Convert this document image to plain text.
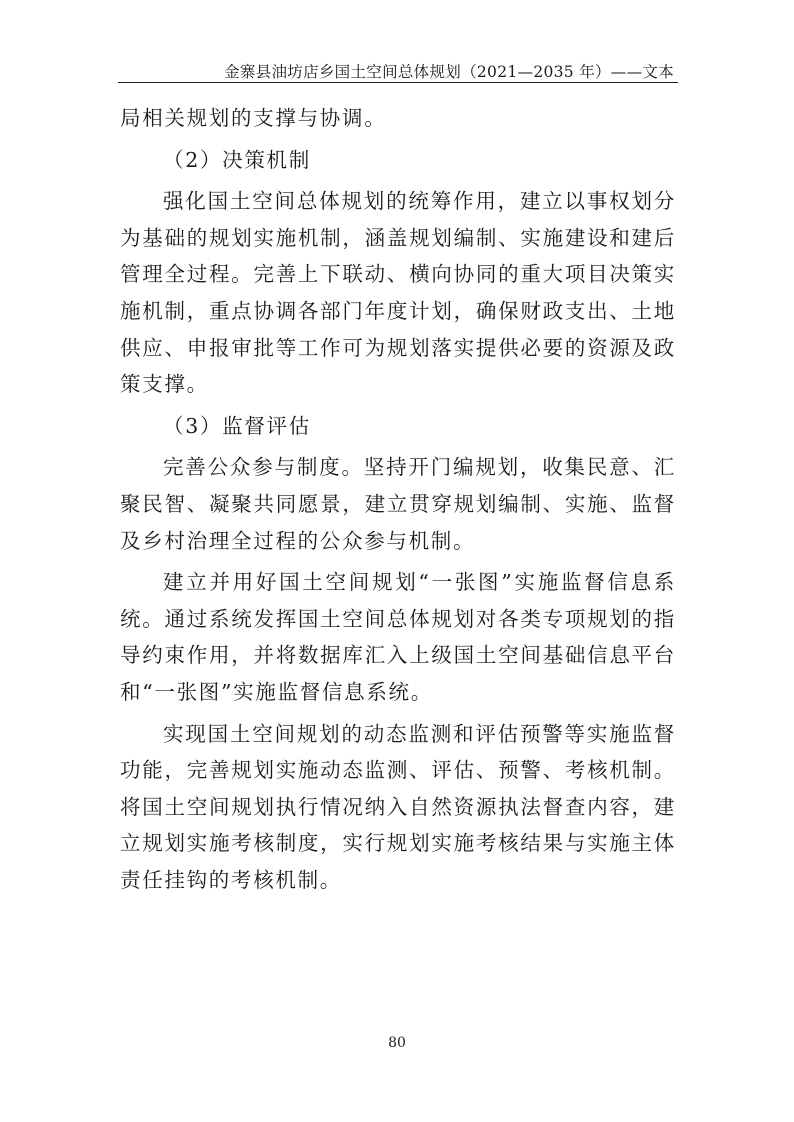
金寨县油坊店乡国土空间总体规划（2021—2035 年）——文本
局相关规划的支撑与协调。
（2）决策机制
强化国土空间总体规划的统筹作用，建立以事权划分
为基础的规划实施机制，涵盖规划编制、实施建设和建后
管理全过程。完善上下联动、横向协同的重大项目决策实
施机制，重点协调各部门年度计划，确保财政支出、土地
供应、申报审批等工作可为规划落实提供必要的资源及政
策支撑。
（3）监督评估
完善公众参与制度。坚持开门编规划，收集民意、汇
聚民智、凝聚共同愿景，建立贯穿规划编制、实施、监督
及乡村治理全过程的公众参与机制。
建立并用好国土空间规划“一张图”实施监督信息系
统。通过系统发挥国土空间总体规划对各类专项规划的指
导约束作用，并将数据库汇入上级国土空间基础信息平台
和“一张图”实施监督信息系统。
实现国土空间规划的动态监测和评估预警等实施监督
功能，完善规划实施动态监测、评估、预警、考核机制。
将国土空间规划执行情况纳入自然资源执法督查内容，建
立规划实施考核制度，实行规划实施考核结果与实施主体
责任挂钩的考核机制。
80
